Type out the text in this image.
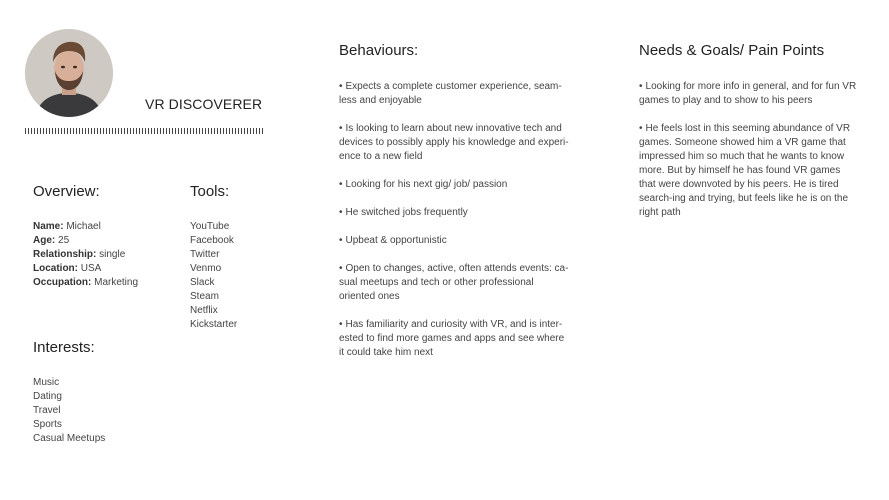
VR DISCOVERER
Overview:
Name: Michael
Age: 25
Relationship: single
Location: USA
Occupation: Marketing
Tools:
YouTube
Facebook
Twitter
Venmo
Slack
Steam
Netflix
Kickstarter
Interests:
Music
Dating
Travel
Sports
Casual Meetups
Behaviours:
• Expects a complete customer experience, seam-less and enjoyable
• Is looking to learn about new innovative tech and devices to possibly apply his knowledge and experi-ence to a new field
• Looking for his next gig/ job/ passion
• He switched jobs frequently
• Upbeat & opportunistic
• Open to changes, active, often attends events: ca-sual meetups and tech or other professional oriented ones
• Has familiarity and curiosity with VR, and is inter-ested to find more games and apps and see where it could take him next
Needs & Goals/ Pain Points
• Looking for more info in general, and for fun VR games to play and to show to his peers
• He feels lost in this seeming abundance of VR games. Someone showed him a VR game that impressed him so much that he wants to know more. But by himself he has found VR games that were downvoted by his peers. He is tired search-ing and trying, but feels like he is on the right path
